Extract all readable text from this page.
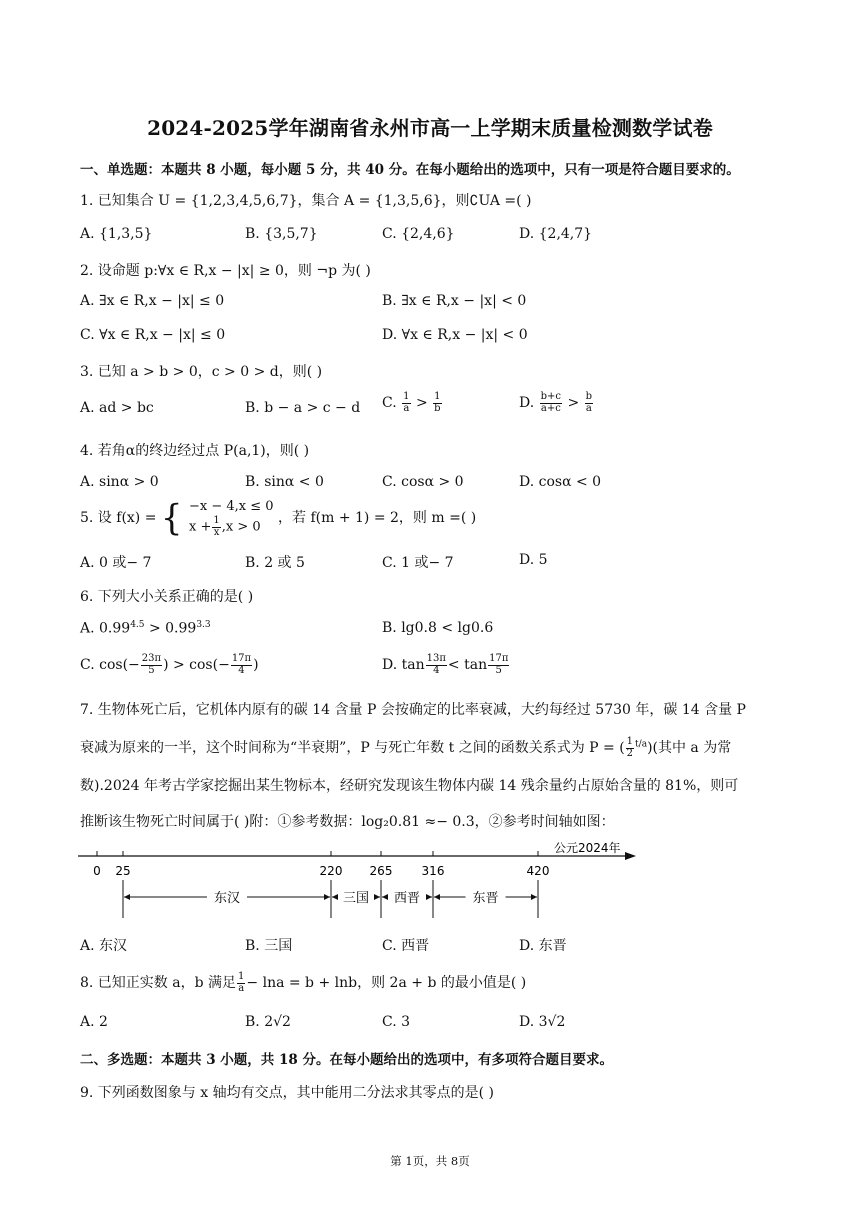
2024-2025学年湖南省永州市高一上学期末质量检测数学试卷
一、单选题：本题共 8 小题，每小题 5 分，共 40 分。在每小题给出的选项中，只有一项是符合题目要求的。
1. 已知集合 U = {1,2,3,4,5,6,7}，集合 A = {1,3,5,6}，则∁UA =( )
A. {1,3,5}	B. {3,5,7}	C. {2,4,6}	D. {2,4,7}
2. 设命题 p:∀x ∈ R,x − |x| ≥ 0，则 ¬p 为( )
A. ∃x ∈ R,x − |x| ≤ 0	B. ∃x ∈ R,x − |x| < 0
C. ∀x ∈ R,x − |x| ≤ 0	D. ∀x ∈ R,x − |x| < 0
3. 已知 a > b > 0，c > 0 > d，则( )
A. ad > bc	B. b − a > c − d C. $\frac{1}{a} > \frac{1}{b}$	D. $\frac{b+c}{a+c} > \frac{b}{a}$
4. 若角α的终边经过点 P(a,1)，则( )
A. sinα > 0	B. sinα < 0	C. cosα > 0	D. cosα < 0
5. 设 f(x) = { −x − 4,x ≤ 0
$x + \frac{1}{x} ,x > 0$
，若 f(m + 1) = 2，则 m =( )
A. 0 或− 7	B. 2 或 5	C. 1 或− 7	D. 5
6. 下列大小关系正确的是( )
A. $0.99^{4.5} > 0.99^{3.3}$	B. lg0.8 < lg0.6
C. $\cos(- \frac{23\pi}{5}$ ) > $\cos(- \frac{17\pi}{4}$ )	D. $\tan \frac{13\pi}{4} < \tan \frac{17\pi}{5}$
7. 生物体死亡后，它机体内原有的碳 14 含量 P 会按确定的比率衰减，大约每经过 5730 年，碳 14 含量 P
衰减为原来的一半，这个时间称为“半衰期”，P 与死亡年数 t 之间的函数关系式为 P = ( $\frac{1}{2} ^{t/a}$)(其中 a 为常
数).2024 年考古学家挖掘出某生物标本，经研究发现该生物体内碳 14 残余量约占原始含量的 81%，则可
推断该生物死亡时间属于( )附：①参考数据：log₂0.81 ≈− 0.3，②参考时间轴如图：
公元2024年
0 25	220 265 316	420
东汉	三国 西晋	东晋
A. 东汉	B. 三国	C. 西晋	D. 东晋
8. 已知正实数 a，b 满足 $\frac{1}{a} - \ln a = b + \ln b$，则 2a + b 的最小值是( )
A. 2	B. 2√2	C. 3	D. 3√2
二、多选题：本题共 3 小题，共 18 分。在每小题给出的选项中，有多项符合题目要求。
9. 下列函数图象与 x 轴均有交点，其中能用二分法求其零点的是( )
第 1页，共 8页
